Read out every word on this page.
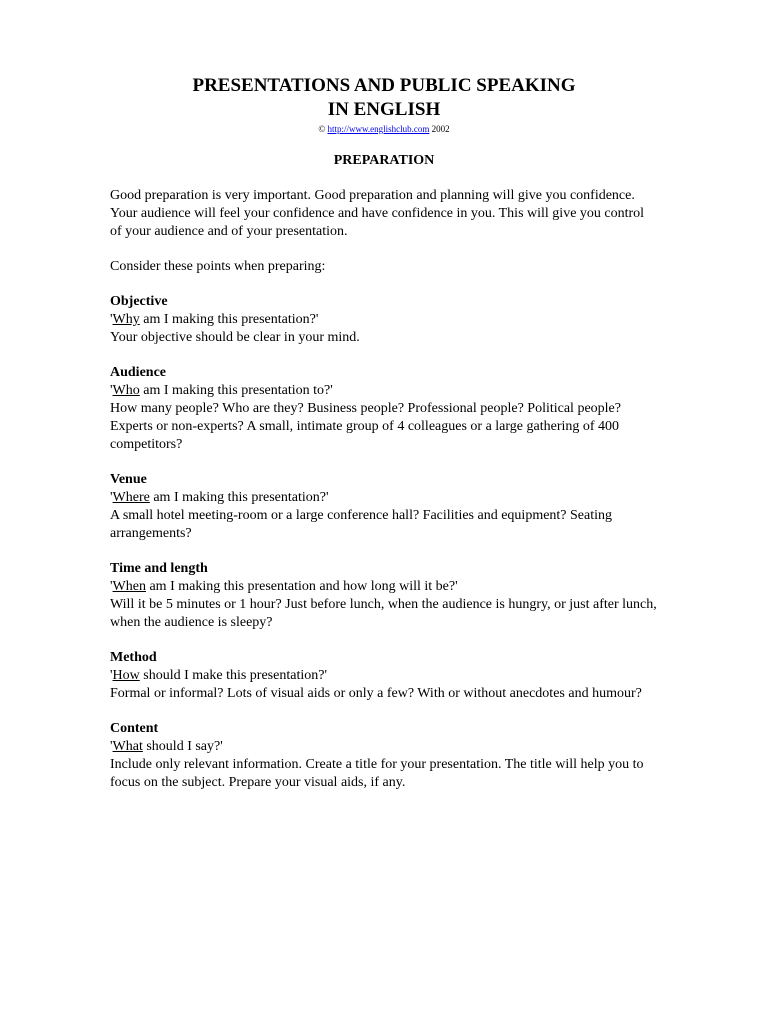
PRESENTATIONS AND PUBLIC SPEAKING
IN ENGLISH
© http://www.englishclub.com 2002
PREPARATION

Good preparation is very important. Good preparation and planning will give you confidence. Your audience will feel your confidence and have confidence in you. This will give you control of your audience and of your presentation.

Consider these points when preparing:

Objective

'Why am I making this presentation?'

Your objective should be clear in your mind.

Audience

'Who am I making this presentation to?'

How many people? Who are they? Business people? Professional people? Political people? Experts or non-experts? A small, intimate group of 4 colleagues or a large gathering of 400 competitors?

Venue

'Where am I making this presentation?'

A small hotel meeting-room or a large conference hall? Facilities and equipment? Seating arrangements?

Time and length

'When am I making this presentation and how long will it be?'

Will it be 5 minutes or 1 hour? Just before lunch, when the audience is hungry, or just after lunch, when the audience is sleepy?

Method

'How should I make this presentation?'

Formal or informal? Lots of visual aids or only a few? With or without anecdotes and humour?

Content

'What should I say?'

Include only relevant information. Create a title for your presentation. The title will help you to focus on the subject. Prepare your visual aids, if any.
